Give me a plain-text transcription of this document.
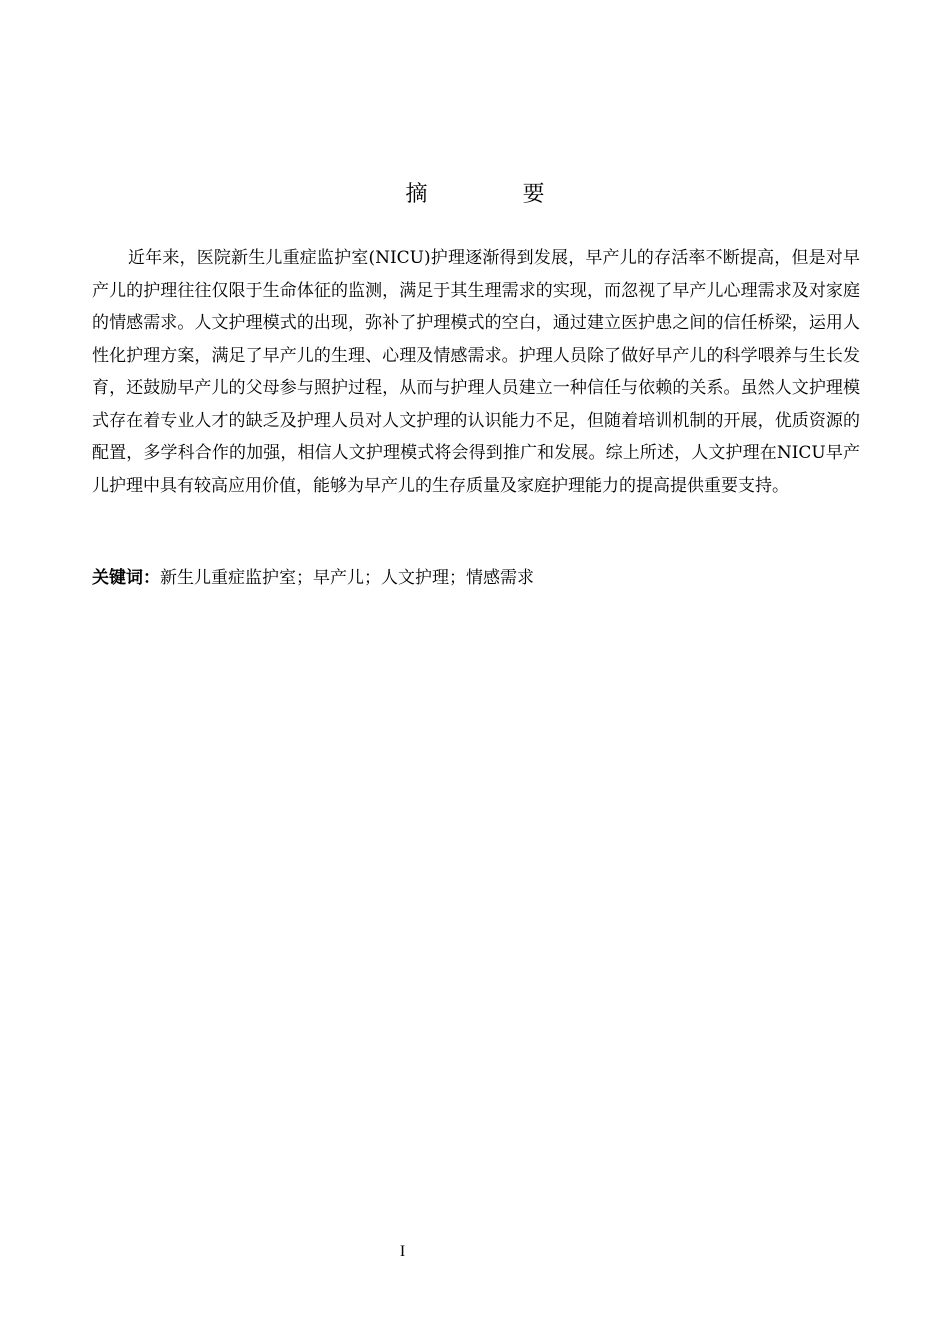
摘 要

近年来，医院新生儿重症监护室(NICU)护理逐渐得到发展，早产儿的存活率不断提高，但是对早产儿的护理往往仅限于生命体征的监测，满足于其生理需求的实现，而忽视了早产儿心理需求及对家庭的情感需求。人文护理模式的出现，弥补了护理模式的空白，通过建立医护患之间的信任桥梁，运用人性化护理方案，满足了早产儿的生理、心理及情感需求。护理人员除了做好早产儿的科学喂养与生长发育，还鼓励早产儿的父母参与照护过程，从而与护理人员建立一种信任与依赖的关系。虽然人文护理模式存在着专业人才的缺乏及护理人员对人文护理的认识能力不足，但随着培训机制的开展，优质资源的配置，多学科合作的加强，相信人文护理模式将会得到推广和发展。综上所述，人文护理在NICU早产儿护理中具有较高应用价值，能够为早产儿的生存质量及家庭护理能力的提高提供重要支持。

关键词：新生儿重症监护室；早产儿；人文护理；情感需求

I
